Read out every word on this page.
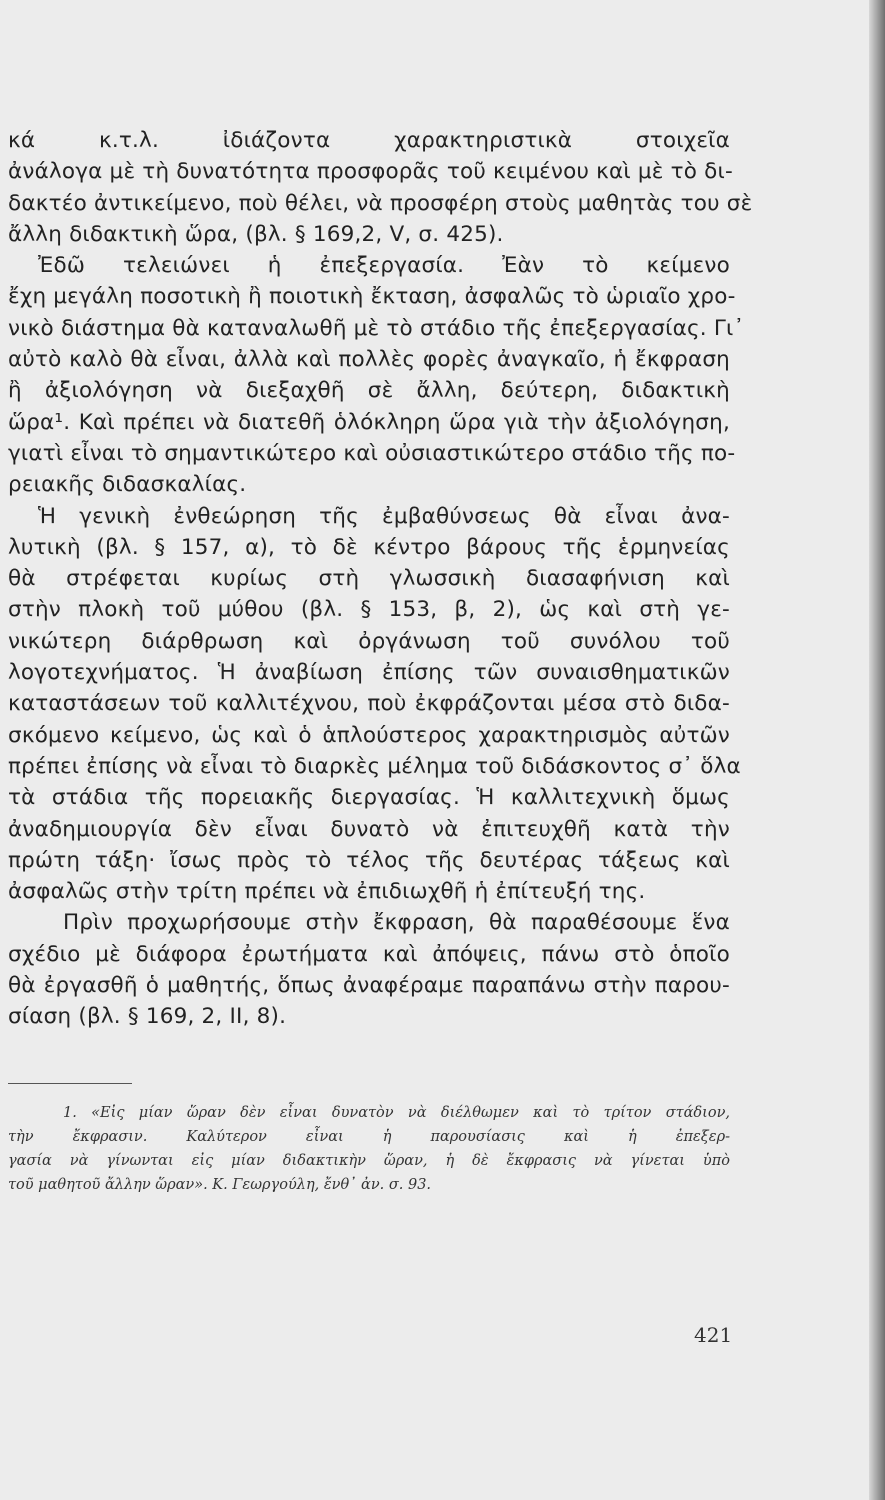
κά κ.τ.λ. ἰδιάζοντα χαρακτηριστικὰ στοιχεῖα
ἀνάλογα μὲ τὴ δυνατότητα προσφορᾶς τοῦ κειμένου καὶ μὲ τὸ δι-
δακτέο ἀντικείμενο, ποὺ θέλει, νὰ προσφέρη στοὺς μαθητὰς του σὲ
ἄλλη διδακτικὴ ὥρα, (βλ. § 169,2, V, σ. 425).
Ἐδῶ τελειώνει ἡ ἐπεξεργασία. Ἐὰν τὸ κείμενο
ἔχη μεγάλη ποσοτικὴ ἢ ποιοτικὴ ἔκταση, ἀσφαλῶς τὸ ὡριαῖο χρο-
νικὸ διάστημα θὰ καταναλωθῆ μὲ τὸ στάδιο τῆς ἐπεξεργασίας. Γι᾽
αὐτὸ καλὸ θὰ εἶναι, ἀλλὰ καὶ πολλὲς φορὲς ἀναγκαῖο, ἡ ἔκφραση
ἢ ἀξιολόγηση νὰ διεξαχθῆ σὲ ἄλλη, δεύτερη, διδακτικὴ
ὥρα¹. Καὶ πρέπει νὰ διατεθῆ ὁλόκληρη ὥρα γιὰ τὴν ἀξιολόγηση,
γιατὶ εἶναι τὸ σημαντικώτερο καὶ οὐσιαστικώτερο στάδιο τῆς πο-
ρειακῆς διδασκαλίας.
Ἡ γενικὴ ἐνθεώρηση τῆς ἐμβαθύνσεως θὰ εἶναι ἀνα-
λυτικὴ (βλ. § 157, α), τὸ δὲ κέντρο βάρους τῆς ἑρμηνείας
θὰ στρέφεται κυρίως στὴ γλωσσικὴ διασαφήνιση καὶ
στὴν πλοκὴ τοῦ μύθου (βλ. § 153, β, 2), ὡς καὶ στὴ γε-
νικώτερη διάρθρωση καὶ ὀργάνωση τοῦ συνόλου τοῦ
λογοτεχνήματος. Ἡ ἀναβίωση ἐπίσης τῶν συναισθηματικῶν
καταστάσεων τοῦ καλλιτέχνου, ποὺ ἐκφράζονται μέσα στὸ διδα-
σκόμενο κείμενο, ὡς καὶ ὁ ἁπλούστερος χαρακτηρισμὸς αὐτῶν
πρέπει ἐπίσης νὰ εἶναι τὸ διαρκὲς μέλημα τοῦ διδάσκοντος σ᾽ ὅλα
τὰ στάδια τῆς πορειακῆς διεργασίας. Ἡ καλλιτεχνικὴ ὅμως
ἀναδημιουργία δὲν εἶναι δυνατὸ νὰ ἐπιτευχθῆ κατὰ τὴν
πρώτη τάξη· ἴσως πρὸς τὸ τέλος τῆς δευτέρας τάξεως καὶ
ἀσφαλῶς στὴν τρίτη πρέπει νὰ ἐπιδιωχθῆ ἡ ἐπίτευξή της.
Πρὶν προχωρήσουμε στὴν ἔκφραση, θὰ παραθέσουμε ἕνα
σχέδιο μὲ διάφορα ἐρωτήματα καὶ ἀπόψεις, πάνω στὸ ὁποῖο
θὰ ἐργασθῆ ὁ μαθητής, ὅπως ἀναφέραμε παραπάνω στὴν παρου-
σίαση (βλ. § 169, 2, II, 8).
1. «Εἰς μίαν ὥραν δὲν εἶναι δυνατὸν νὰ διέλθωμεν καὶ τὸ τρίτον στάδιον,
τὴν ἔκφρασιν. Καλύτερον εἶναι ἡ παρουσίασις καὶ ἡ ἐπεξερ-
γασία νὰ γίνωνται εἰς μίαν διδακτικὴν ὥραν, ἡ δὲ ἔκφρασις νὰ γίνεται ὑπὸ
τοῦ μαθητοῦ ἄλλην ὥραν». Κ. Γεωργούλη, ἔνθ᾽ ἀν. σ. 93.
421
